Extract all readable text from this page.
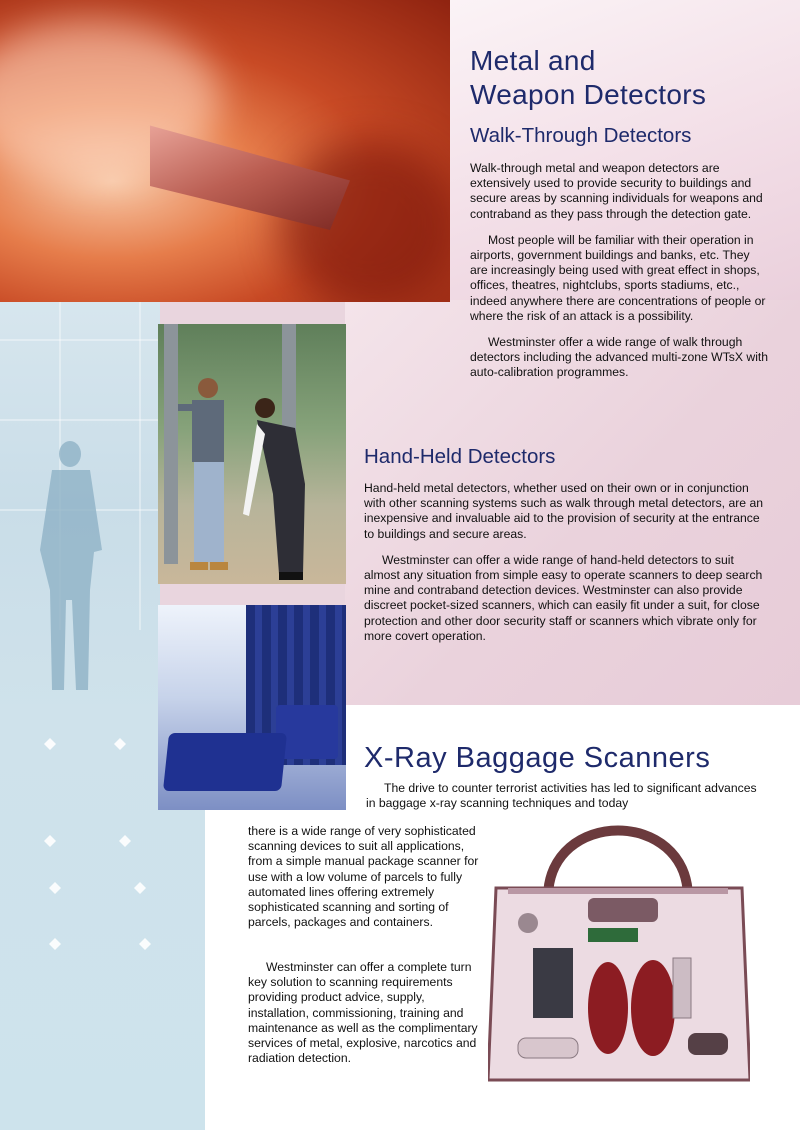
Metal and
Weapon Detectors
Walk-Through Detectors

Walk-through metal and weapon detectors are extensively used to provide security to buildings and secure areas by scanning individuals for weapons and contraband as they pass through the detection gate.

Most people will be familiar with their operation in airports, government buildings and banks, etc. They are increasingly being used with great effect in shops, offices, theatres, nightclubs, sports stadiums, etc., indeed anywhere there are concentrations of people or where the risk of an attack is a possibility.

Westminster offer a wide range of walk through detectors including the advanced multi-zone WTsX with auto-calibration programmes.

Hand-Held Detectors

Hand-held metal detectors, whether used on their own or in conjunction with other scanning systems such as walk through metal detectors, are an inexpensive and invaluable aid to the provision of security at the entrance to buildings and secure areas.

Westminster can offer a wide range of hand-held detectors to suit almost any situation from simple easy to operate scanners to deep search mine and contraband detection devices. Westminster can also provide discreet pocket-sized scanners, which can easily fit under a suit, for close protection and other door security staff or scanners which vibrate only for more covert operation.

X-Ray Baggage Scanners

The drive to counter terrorist activities has led to significant advances in baggage x-ray scanning techniques and today

there is a wide range of very sophisticated scanning devices to suit all applications, from a simple manual package scanner for use with a low volume of parcels to fully automated lines offering extremely sophisticated scanning and sorting of parcels, packages and containers.

Westminster can offer a complete turn key solution to scanning requirements providing product advice, supply, installation, commissioning, training and maintenance as well as the complimentary services of metal, explosive, narcotics and radiation detection.
